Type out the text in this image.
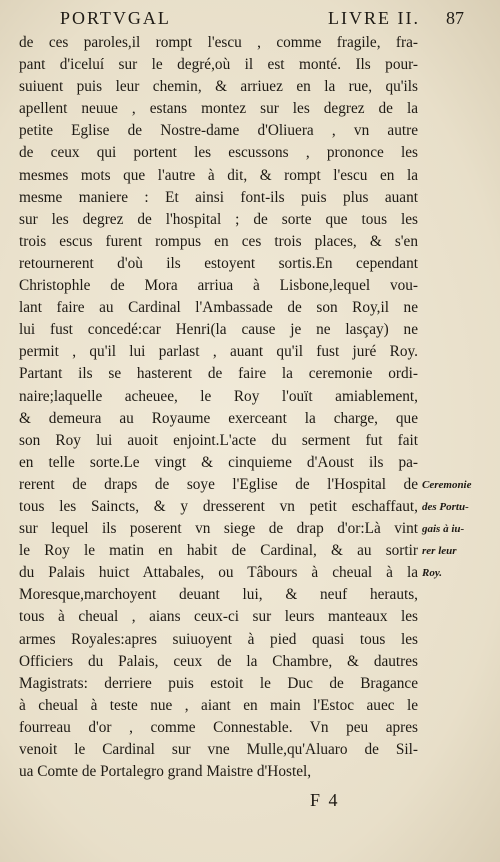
PORTVGAL	LIVRE II.	87
de ces paroles,il rompt l'escu , comme fragile, fra-
pant d'iceluí sur le degré,où il est monté. Ils pour-
suiuent puis leur chemin, & arriuez en la rue, qu'ils
apellent neuue , estans montez sur les degrez de la
petite Eglise de Nostre-dame d'Oliuera , vn autre
de ceux qui portent les escussons , prononce les
mesmes mots que l'autre à dit, & rompt l'escu en la
mesme maniere : Et ainsi font-ils puis plus auant
sur les degrez de l'hospital ; de sorte que tous les
trois escus furent rompus en ces trois places, & s'en
retournerent d'où ils estoyent sortis.En cependant
Christophle de Mora arriua à Lisbone,lequel vou-
lant faire au Cardinal l'Ambassade de son Roy,il ne
lui fust concedé:car Henri(la cause je ne lasçay) ne
permit , qu'il lui parlast , auant qu'il fust juré Roy.
Partant ils se hasterent de faire la ceremonie ordi-
naire;laquelle acheuee, le Roy l'ouït amiablement,
& demeura au Royaume exerceant la charge, que
son Roy lui auoit enjoint.L'acte du serment fut fait
en telle sorte.Le vingt & cinquieme d'Aoust ils pa-
rerent de draps de soye l'Eglise de l'Hospital de
tous les Saincts, & y dresserent vn petit eschaffaut,
sur lequel ils poserent vn siege de drap d'or:Là vint
le Roy le matin en habit de Cardinal, & au sortir
du Palais huict Attabales, ou Tâbours à cheual à la
Moresque,marchoyent deuant lui, & neuf herauts,
tous à cheual , aians ceux-ci sur leurs manteaux les
armes Royales:apres suiuoyent à pied quasi tous les
Officiers du Palais, ceux de la Chambre, & dautres
Magistrats: derriere puis estoit le Duc de Bragance
à cheual à teste nue , aiant en main l'Estoc auec le
fourreau d'or , comme Connestable. Vn peu apres
venoit le Cardinal sur vne Mulle,qu'Aluaro de Sil-
ua Comte de Portalegro grand Maistre d'Hostel,
Ceremonie
des Portu-
gais à iu-
rer leur
Roy.
F 4
